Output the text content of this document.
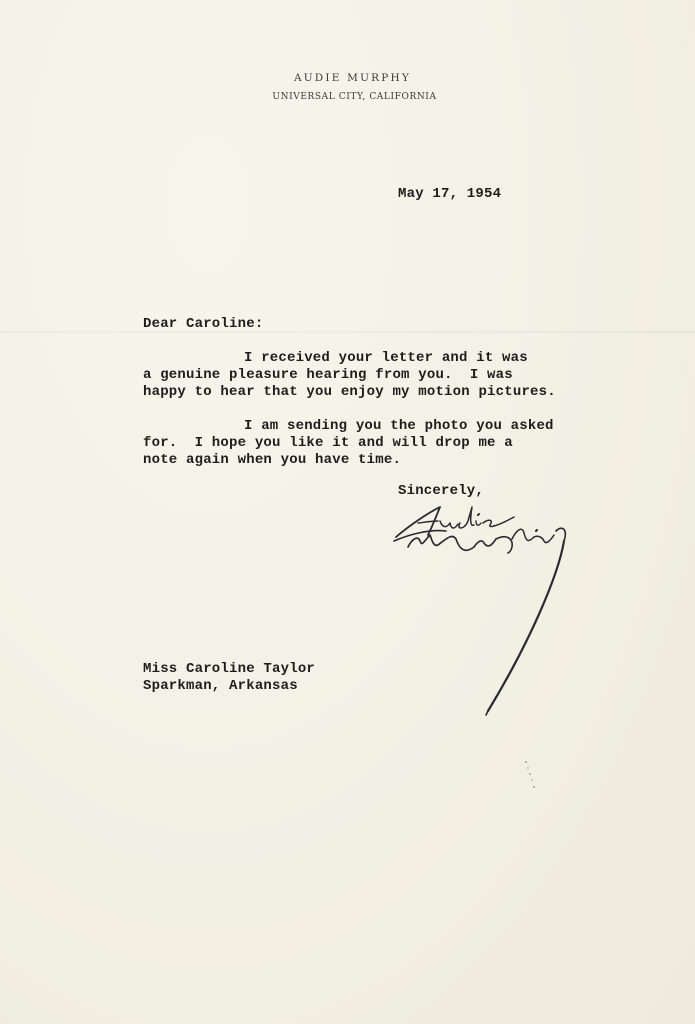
AUDIE MURPHY
UNIVERSAL CITY, CALIFORNIA
May 17, 1954
Dear Caroline:
I received your letter and it was
a genuine pleasure hearing from you.  I was
happy to hear that you enjoy my motion pictures.
I am sending you the photo you asked
for.  I hope you like it and will drop me a
note again when you have time.
Sincerely,
Miss Caroline Taylor
Sparkman, Arkansas
